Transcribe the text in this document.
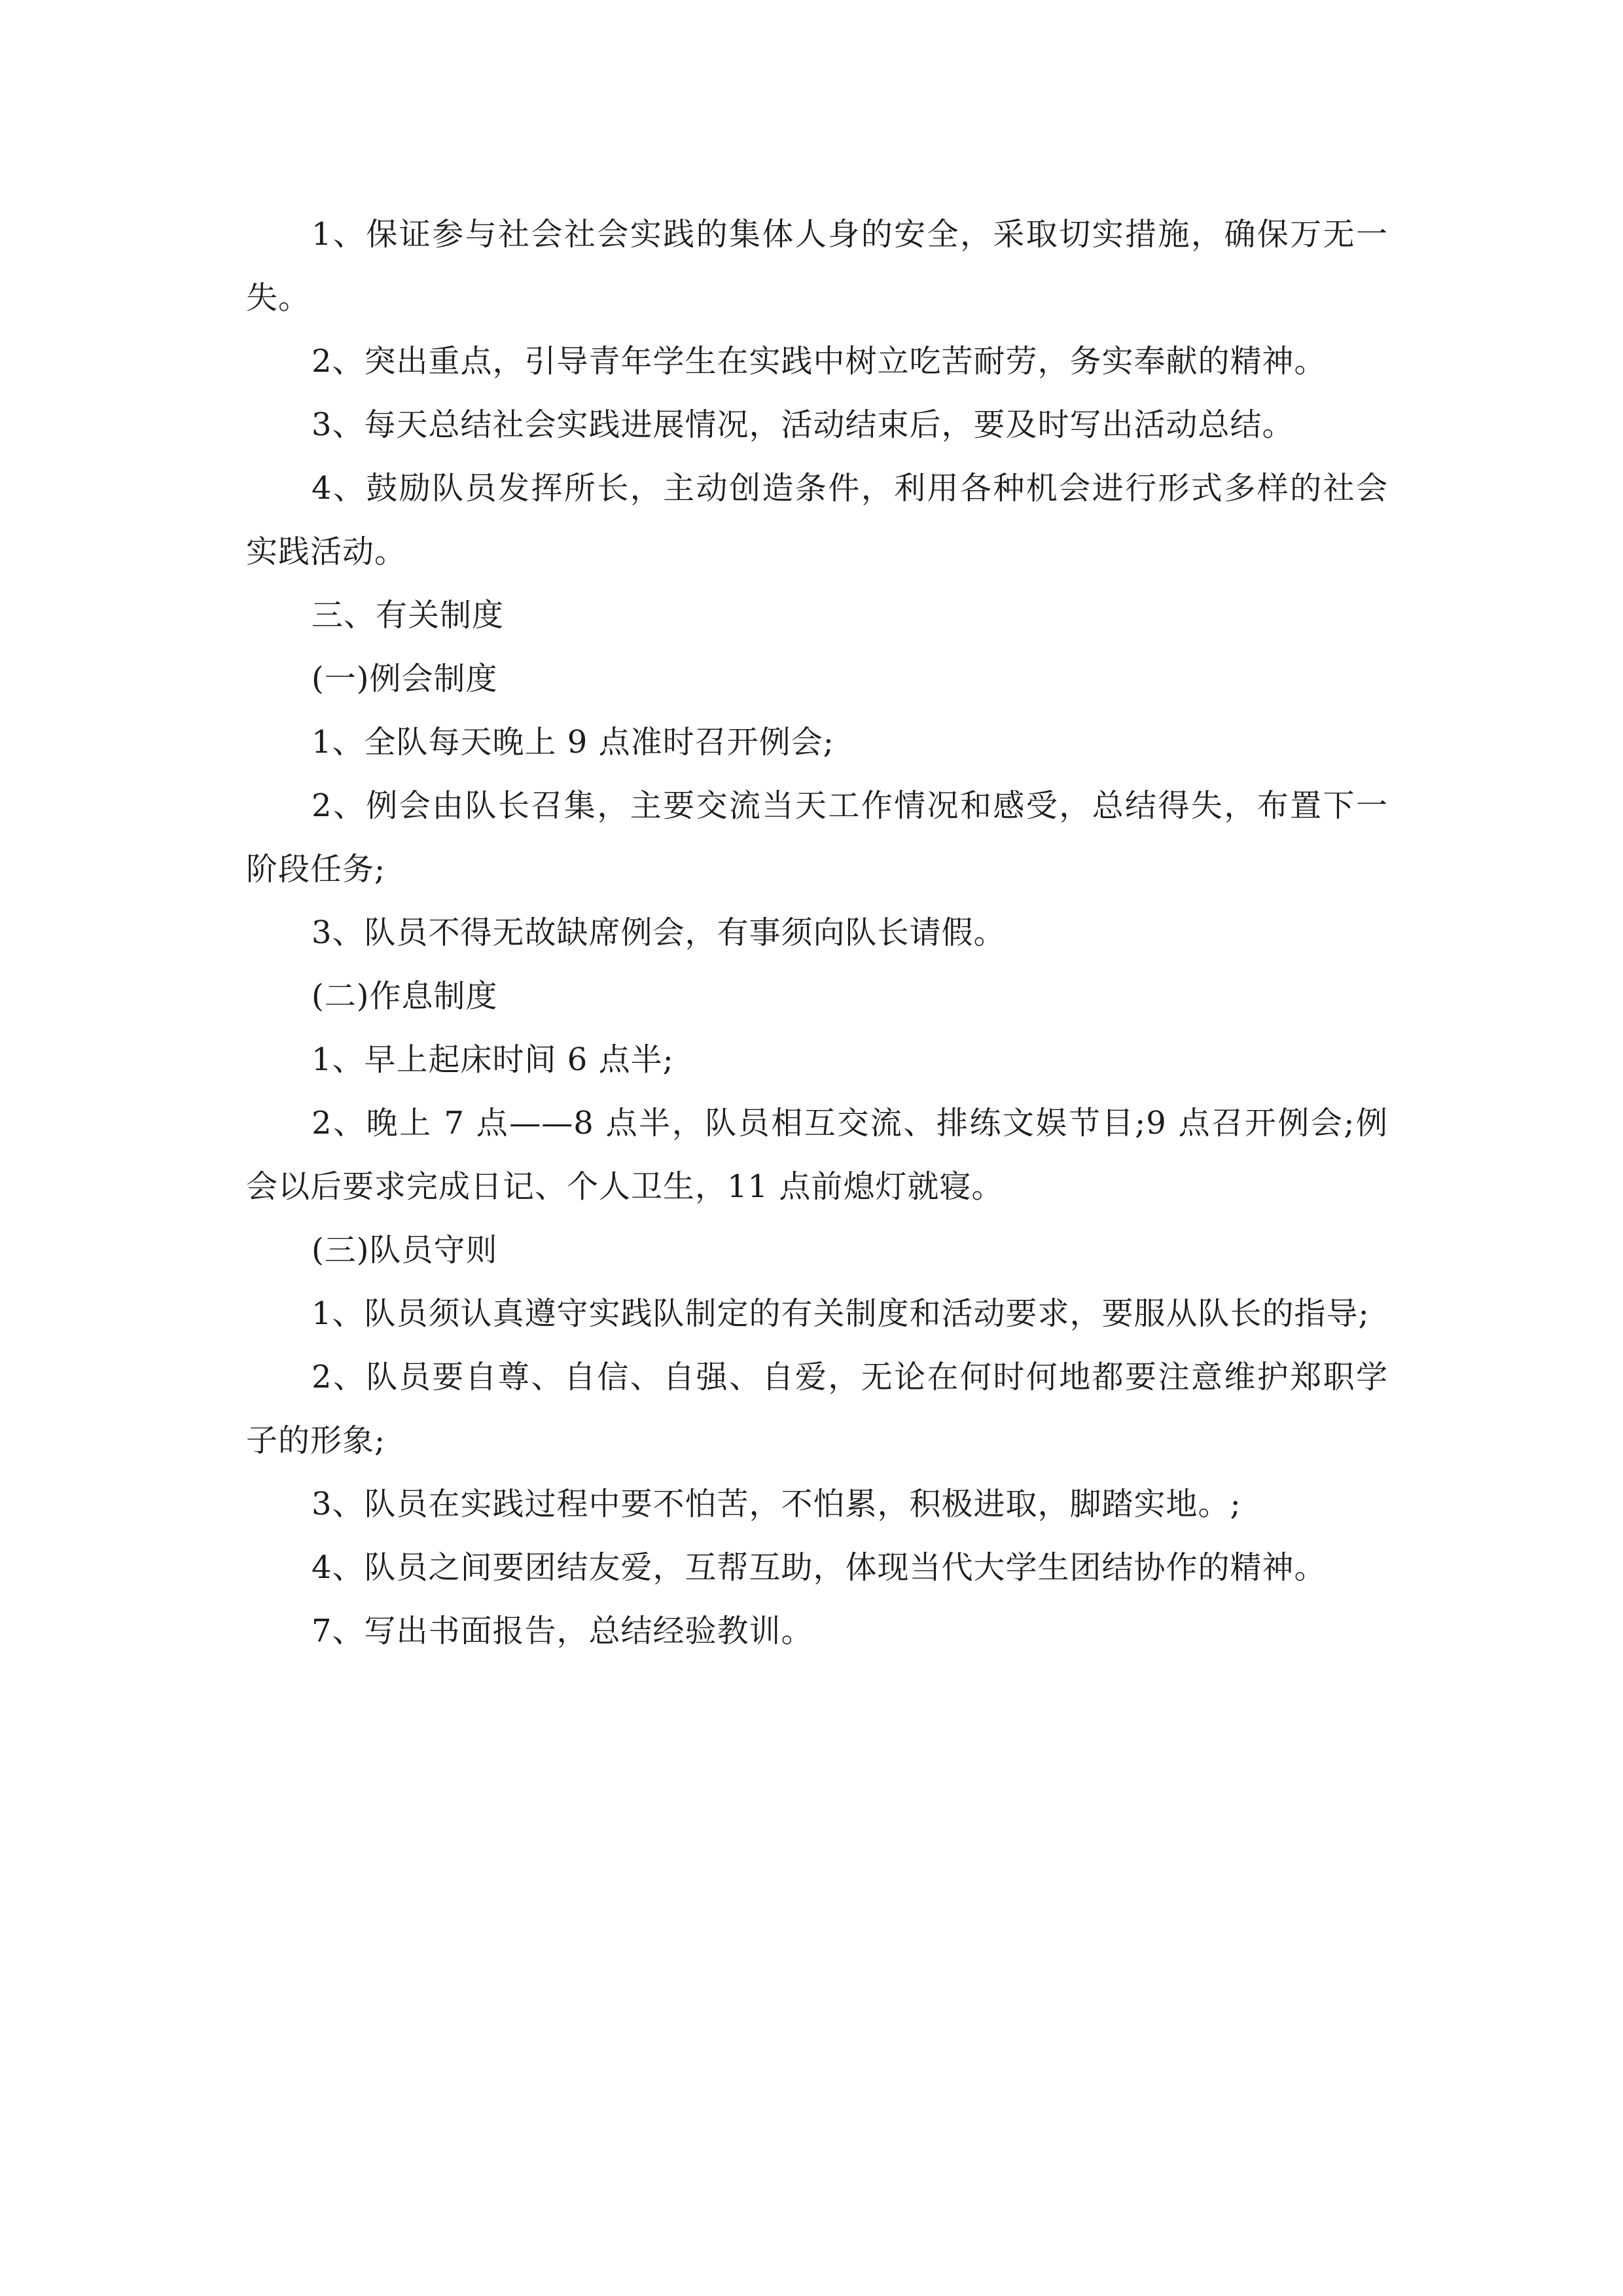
1、保证参与社会社会实践的集体人身的安全，采取切实措施，确保万无一失。

2、突出重点，引导青年学生在实践中树立吃苦耐劳，务实奉献的精神。

3、每天总结社会实践进展情况，活动结束后，要及时写出活动总结。

4、鼓励队员发挥所长，主动创造条件，利用各种机会进行形式多样的社会实践活动。

三、有关制度

(一)例会制度

1、全队每天晚上 9 点准时召开例会;

2、例会由队长召集，主要交流当天工作情况和感受，总结得失，布置下一阶段任务;

3、队员不得无故缺席例会，有事须向队长请假。

(二)作息制度

1、早上起床时间 6 点半;

2、晚上 7 点——8 点半，队员相互交流、排练文娱节目;9 点召开例会;例会以后要求完成日记、个人卫生，11 点前熄灯就寝。

(三)队员守则

1、队员须认真遵守实践队制定的有关制度和活动要求，要服从队长的指导;

2、队员要自尊、自信、自强、自爱，无论在何时何地都要注意维护郑职学子的形象;

3、队员在实践过程中要不怕苦，不怕累，积极进取，脚踏实地。;

4、队员之间要团结友爱，互帮互助，体现当代大学生团结协作的精神。

7、写出书面报告，总结经验教训。
